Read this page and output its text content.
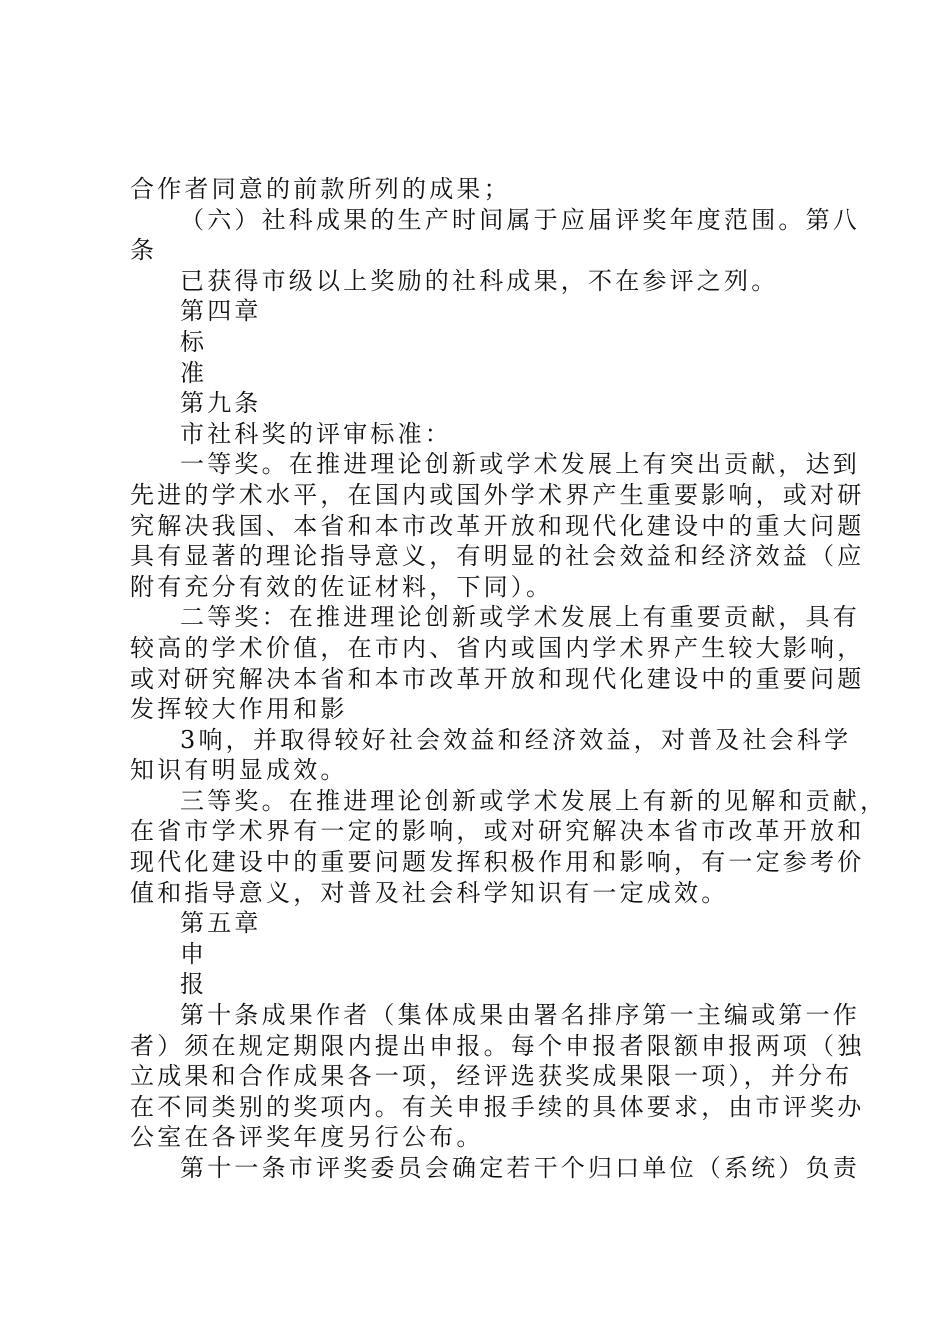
合作者同意的前款所列的成果；
（六）社科成果的生产时间属于应届评奖年度范围。第八
条
已获得市级以上奖励的社科成果，不在参评之列。
第四章
标
准
第九条
市社科奖的评审标准：
一等奖。在推进理论创新或学术发展上有突出贡献，达到
先进的学术水平，在国内或国外学术界产生重要影响，或对研
究解决我国、本省和本市改革开放和现代化建设中的重大问题
具有显著的理论指导意义，有明显的社会效益和经济效益（应
附有充分有效的佐证材料，下同）。
二等奖：在推进理论创新或学术发展上有重要贡献，具有
较高的学术价值，在市内、省内或国内学术界产生较大影响，
或对研究解决本省和本市改革开放和现代化建设中的重要问题
发挥较大作用和影
3响，并取得较好社会效益和经济效益，对普及社会科学
知识有明显成效。
三等奖。在推进理论创新或学术发展上有新的见解和贡献，
在省市学术界有一定的影响，或对研究解决本省市改革开放和
现代化建设中的重要问题发挥积极作用和影响，有一定参考价
值和指导意义，对普及社会科学知识有一定成效。
第五章
申
报
第十条成果作者（集体成果由署名排序第一主编或第一作
者）须在规定期限内提出申报。每个申报者限额申报两项（独
立成果和合作成果各一项，经评选获奖成果限一项），并分布
在不同类别的奖项内。有关申报手续的具体要求，由市评奖办
公室在各评奖年度另行公布。
第十一条市评奖委员会确定若干个归口单位（系统）负责
